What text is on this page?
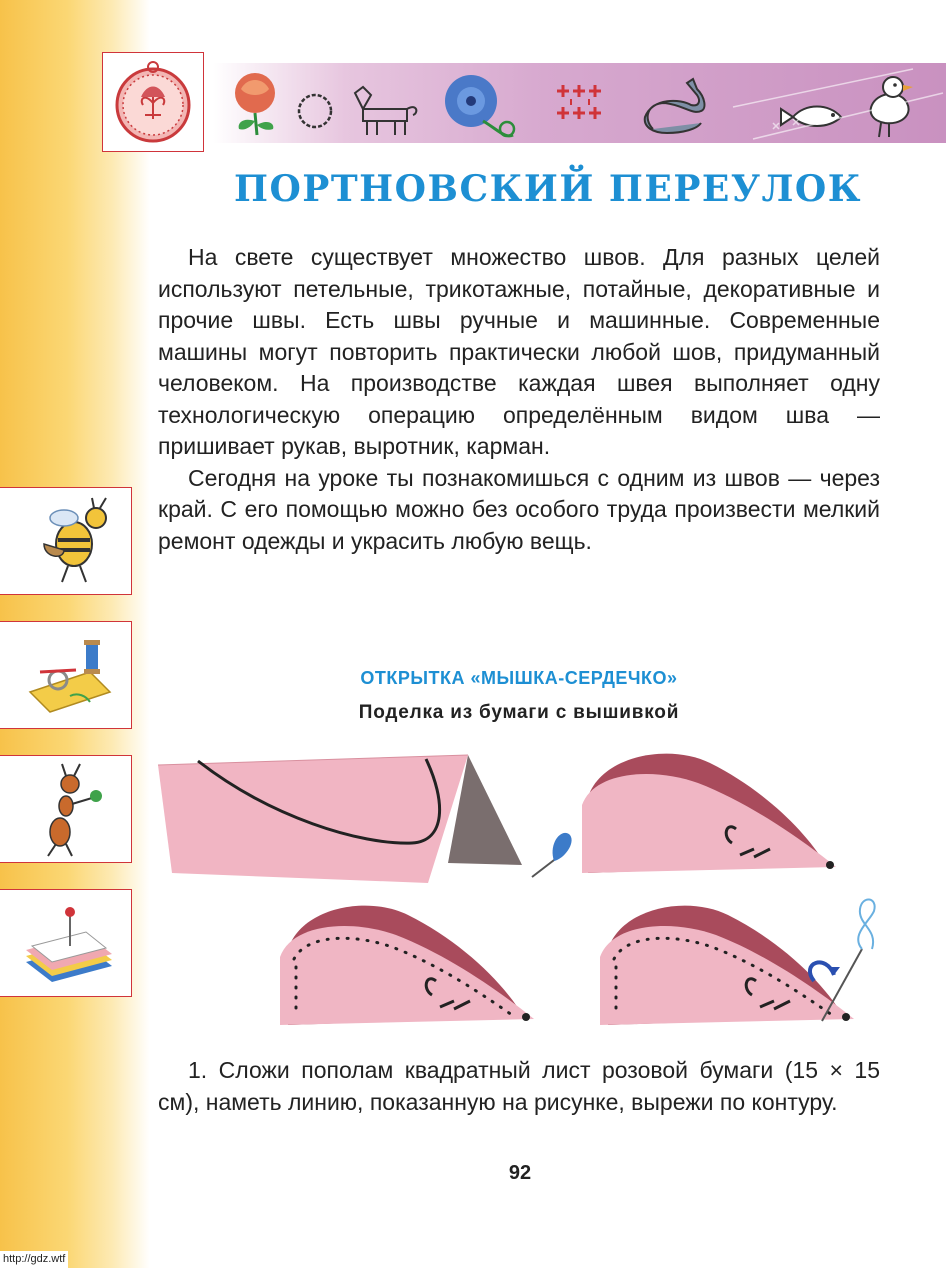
ПОРТНОВСКИЙ ПЕРЕУЛОК

На свете существует множество швов. Для разных целей используют петельные, трикотажные, потайные, декоративные и прочие швы. Есть швы ручные и машинные. Современные машины могут повторить практически любой шов, придуманный человеком. На производстве каждая швея выполняет одну технологическую операцию определённым видом шва — пришивает рукав, выротник, карман.

Сегодня на уроке ты познакомишься с одним из швов — через край. С его помощью можно без особого труда произвести мелкий ремонт одежды и украсить любую вещь.

ОТКРЫТКА «МЫШКА-СЕРДЕЧКО»
Поделка из бумаги с вышивкой

1. Сложи пополам квадратный лист розовой бумаги (15 × 15 см), наметь линию, показанную на рисунке, вырежи по контуру.

92
http://gdz.wtf
